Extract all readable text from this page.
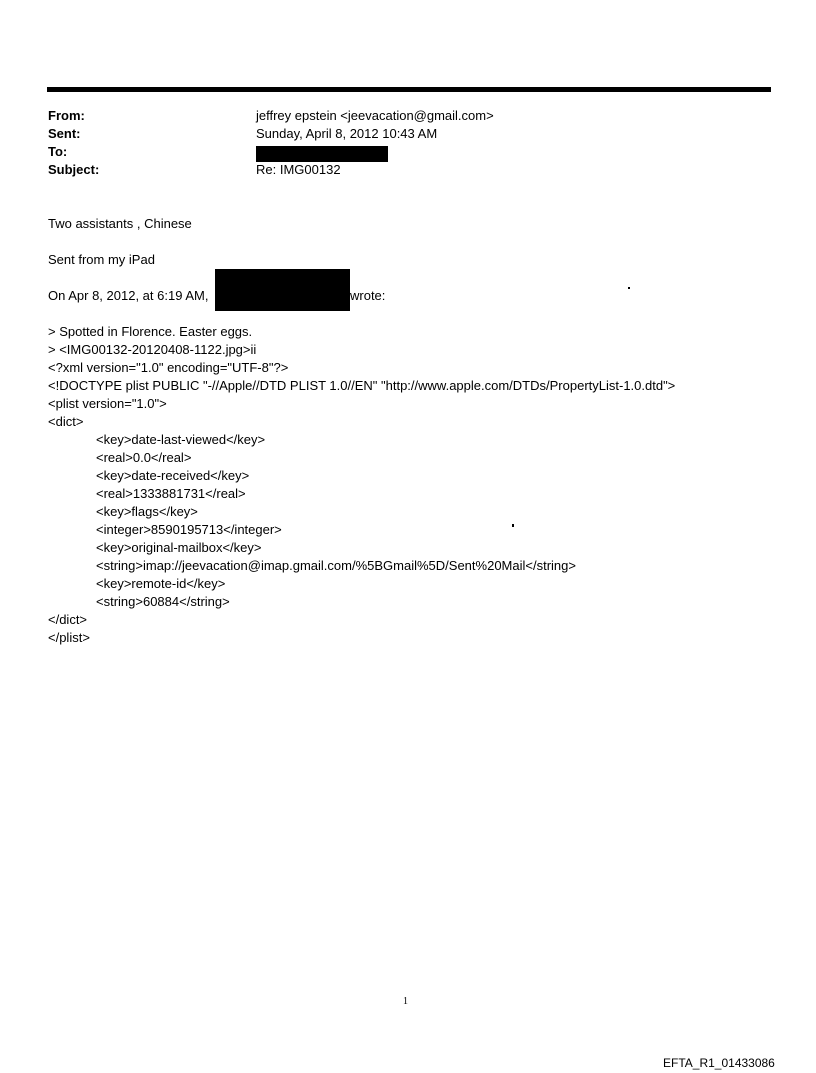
From:	jeffrey epstein <jeevacation@gmail.com>
Sent:	Sunday, April 8, 2012 10:43 AM
To:
Subject:	Re: IMG00132
Two assistants , Chinese
Sent from my iPad
On Apr 8, 2012, at 6:19 AM,	wrote:
> Spotted in Florence. Easter eggs.
> <IMG00132-20120408-1122.jpg>ii
<?xml version="1.0" encoding="UTF-8"?>
<!DOCTYPE plist PUBLIC "-//Apple//DTD PLIST 1.0//EN" "http://www.apple.com/DTDs/PropertyList-1.0.dtd">
<plist version="1.0">
<dict>
<key>date-last-viewed</key>
<real>0.0</real>
<key>date-received</key>
<real>1333881731</real>
<key>flags</key>
<integer>8590195713</integer>
<key>original-mailbox</key>
<string>imap://jeevacation@imap.gmail.com/%5BGmail%5D/Sent%20Mail</string>
<key>remote-id</key>
<string>60884</string>
</dict>
</plist>
1
EFTA_R1_01433086
